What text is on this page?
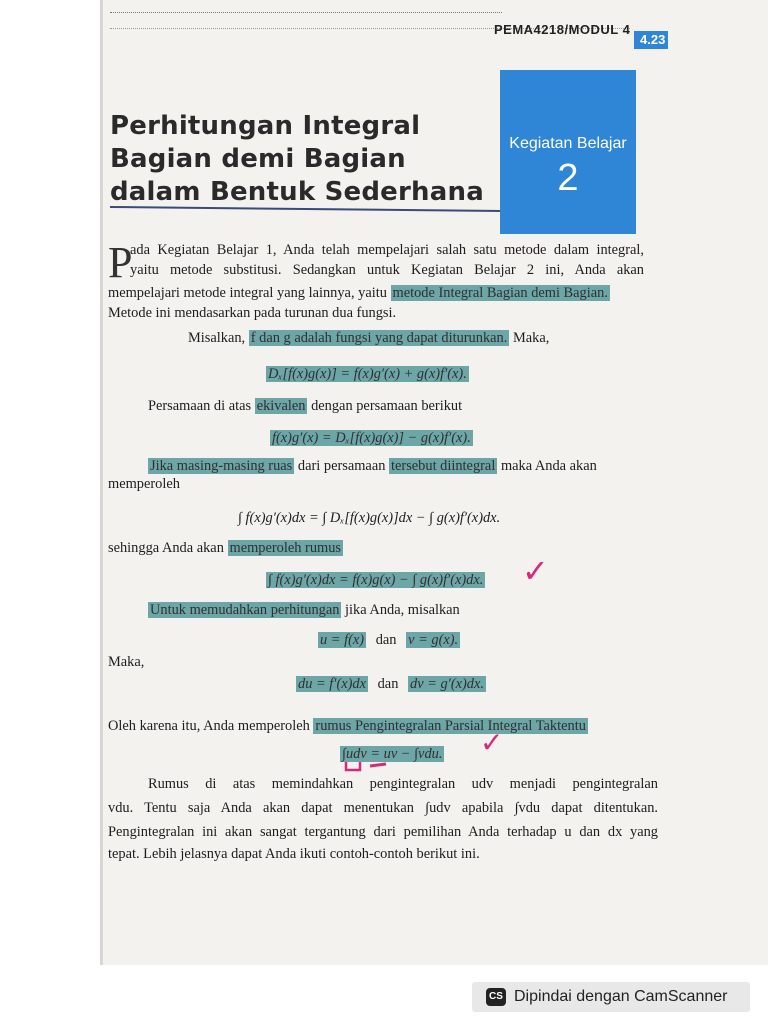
PEMA4218/MODUL 4
4.23
Perhitungan Integral Bagian demi Bagian dalam Bentuk Sederhana
Kegiatan Belajar
2
P
ada Kegiatan Belajar 1, Anda telah mempelajari salah satu metode dalam integral,
yaitu metode substitusi. Sedangkan untuk Kegiatan Belajar 2 ini, Anda akan
mempelajari metode integral yang lainnya, yaitu metode Integral Bagian demi Bagian.
Metode ini mendasarkan pada turunan dua fungsi.
Misalkan, f dan g adalah fungsi yang dapat diturunkan. Maka,
Dₓ[f(x)g(x)] = f(x)g′(x) + g(x)f′(x).
Persamaan di atas ekivalen dengan persamaan berikut
f(x)g′(x) = Dₓ[f(x)g(x)] − g(x)f′(x).
Jika masing-masing ruas dari persamaan tersebut diintegral maka Anda akan
memperoleh
∫ f(x)g′(x)dx = ∫ Dₓ[f(x)g(x)]dx − ∫ g(x)f′(x)dx.
sehingga Anda akan memperoleh rumus
∫ f(x)g′(x)dx = f(x)g(x) − ∫ g(x)f′(x)dx.
Untuk memudahkan perhitungan jika Anda, misalkan
u = f(x) dan v = g(x).
Maka,
du = f′(x)dx dan dv = g′(x)dx.
Oleh karena itu, Anda memperoleh rumus Pengintegralan Parsial Integral Taktentu
∫udv = uv − ∫vdu.
Rumus di atas memindahkan pengintegralan udv menjadi pengintegralan
vdu. Tentu saja Anda akan dapat menentukan ∫udv apabila ∫vdu dapat ditentukan.
Pengintegralan ini akan sangat tergantung dari pemilihan Anda terhadap u dan dx yang
tepat. Lebih jelasnya dapat Anda ikuti contoh-contoh berikut ini.
✓
✓
CS Dipindai dengan CamScanner
